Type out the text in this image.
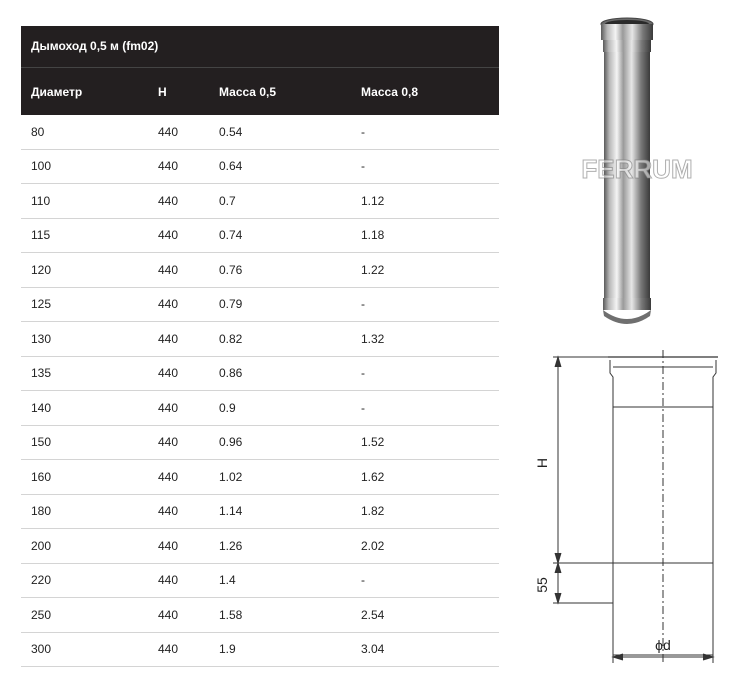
Дымоход 0,5 м (fm02)
Диаметр	H	Масса 0,5	Масса 0,8
80	440	0.54	-
100	440	0.64	-
110	440	0.7	1.12
115	440	0.74	1.18
120	440	0.76	1.22
125	440	0.79	-
130	440	0.82	1.32
135	440	0.86	-
140	440	0.9	-
150	440	0.96	1.52
160	440	1.02	1.62
180	440	1.14	1.82
200	440	1.26	2.02
220	440	1.4	-
250	440	1.58	2.54
300	440	1.9	3.04
FERRUM
H
55
ϕd
